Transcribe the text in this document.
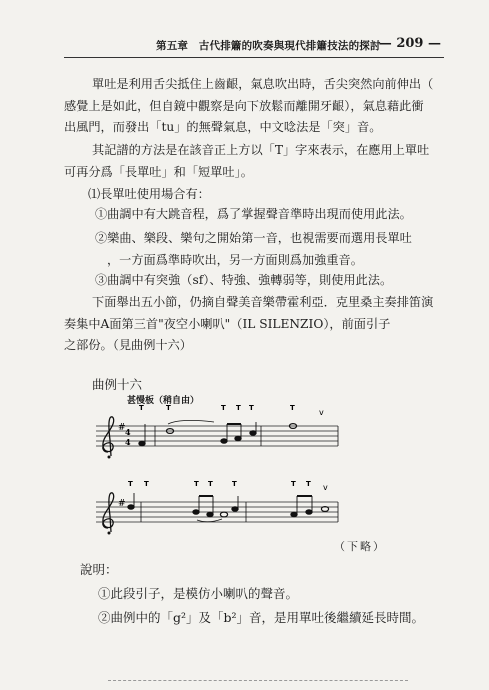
第五章　古代排簫的吹奏與現代排簫技法的探討
— 209 —
單吐是利用舌尖抵住上齒齦，氣息吹出時，舌尖突然向前伸出（
感覺上是如此，但自鏡中觀察是向下放鬆而離開牙齦），氣息藉此衝
出風門，而發出「tu」的無聲氣息，中文唸法是「突」音。
其記譜的方法是在該音正上方以「T」字來表示，在應用上單吐
可再分爲「長單吐」和「短單吐」。
⑴長單吐使用場合有：
①曲調中有大跳音程，爲了掌握聲音準時出現而使用此法。
②樂曲、樂段、樂句之開始第一音，也視需要而選用長單吐
，一方面爲準時吹出，另一方面則爲加強重音。
③曲調中有突強（sf）、特強、強轉弱等，則使用此法。
下面舉出五小節，仍摘自聲美音樂帶霍利亞．克里桑主奏排笛演
奏集中A面第三首"夜空小喇叭"（IL SILENZIO），前面引子
之部份。（見曲例十六）
曲例十六
甚慢板（稍自由）
# 4
4
T	T	T T T	T	v
#
T T	T T	T	T T v
（下略）
說明：
①此段引子，是模仿小喇叭的聲音。
②曲例中的「g²」及「b²」音，是用單吐後繼續延長時間。
